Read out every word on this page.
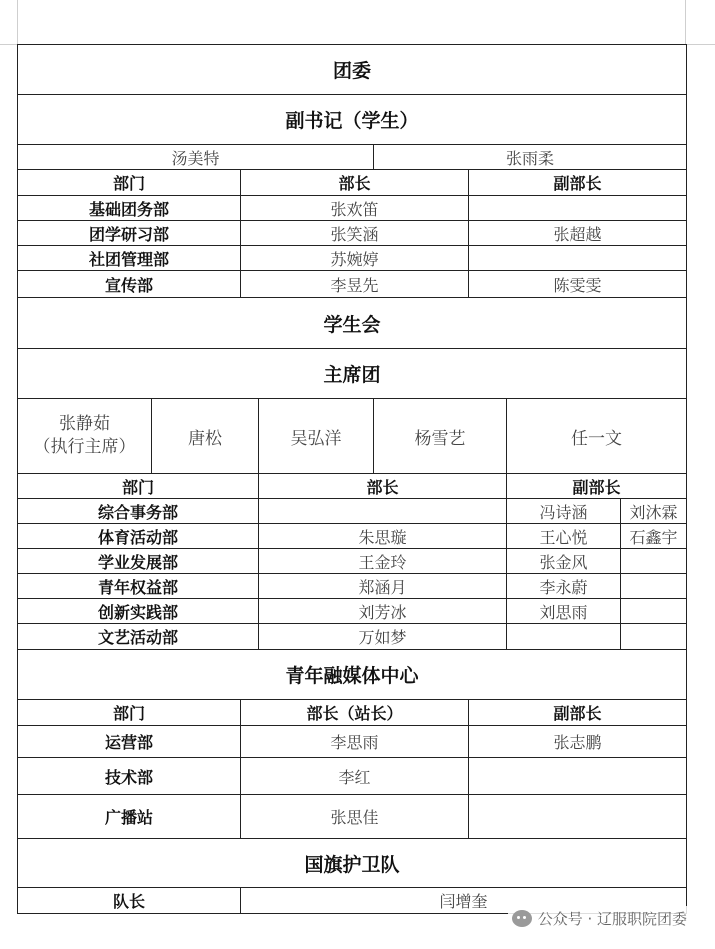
团委							
副书记（学生）							
汤美特				张雨柔			
部门		部长			副部长		
基础团务部		张欢笛					
团学研习部		张笑涵			张超越		
社团管理部		苏婉婷					
宣传部		李昱先			陈雯雯		
学生会							
主席团							
张静茹
（执行主席）	唐松		吴弘洋	杨雪艺		任一文	
部门			部长			副部长	
综合事务部						冯诗涵	刘沐霖
体育活动部			朱思璇			王心悦	石鑫宇
学业发展部			王金玲			张金风	
青年权益部			郑涵月			李永蔚	
创新实践部			刘芳冰			刘思雨	
文艺活动部			万如梦				
青年融媒体中心							
部门		部长（站长）			副部长		
运营部		李思雨			张志鹏		
技术部		李红					
广播站		张思佳					
国旗护卫队							
队长		闫增奎					
公众号 · 辽服职院团委
